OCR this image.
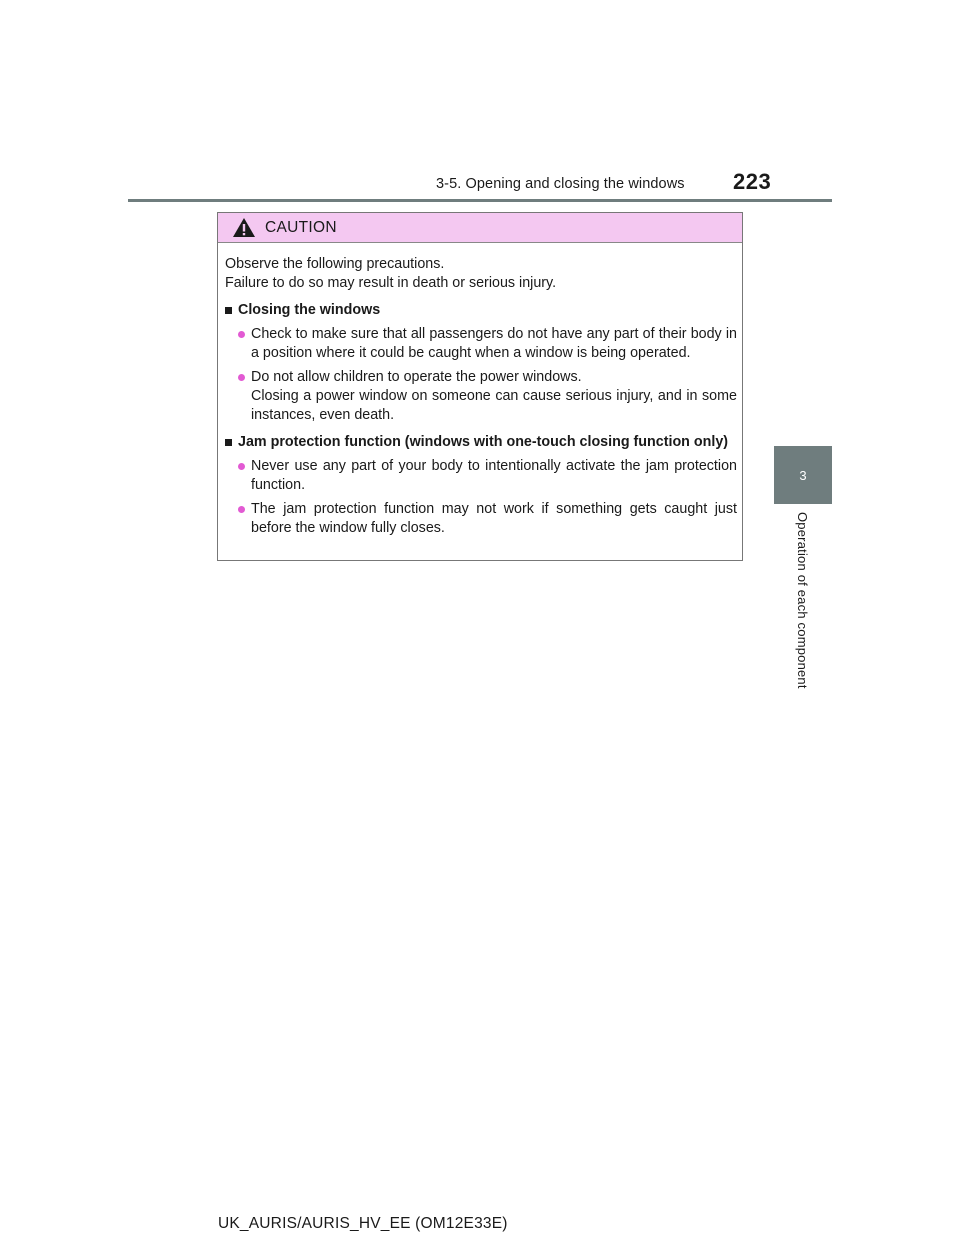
3-5. Opening and closing the windows 223
3
Operation of each component
CAUTION

Observe the following precautions.

Failure to do so may result in death or serious injury.

Closing the windows

Check to make sure that all passengers do not have any part of their body in a position where it could be caught when a window is being operated.

Do not allow children to operate the power windows.

Closing a power window on someone can cause serious injury, and in some instances, even death.

Jam protection function (windows with one-touch closing function only)

Never use any part of your body to intentionally activate the jam protection function.

The jam protection function may not work if something gets caught just before the window fully closes.

UK_AURIS/AURIS_HV_EE (OM12E33E)
